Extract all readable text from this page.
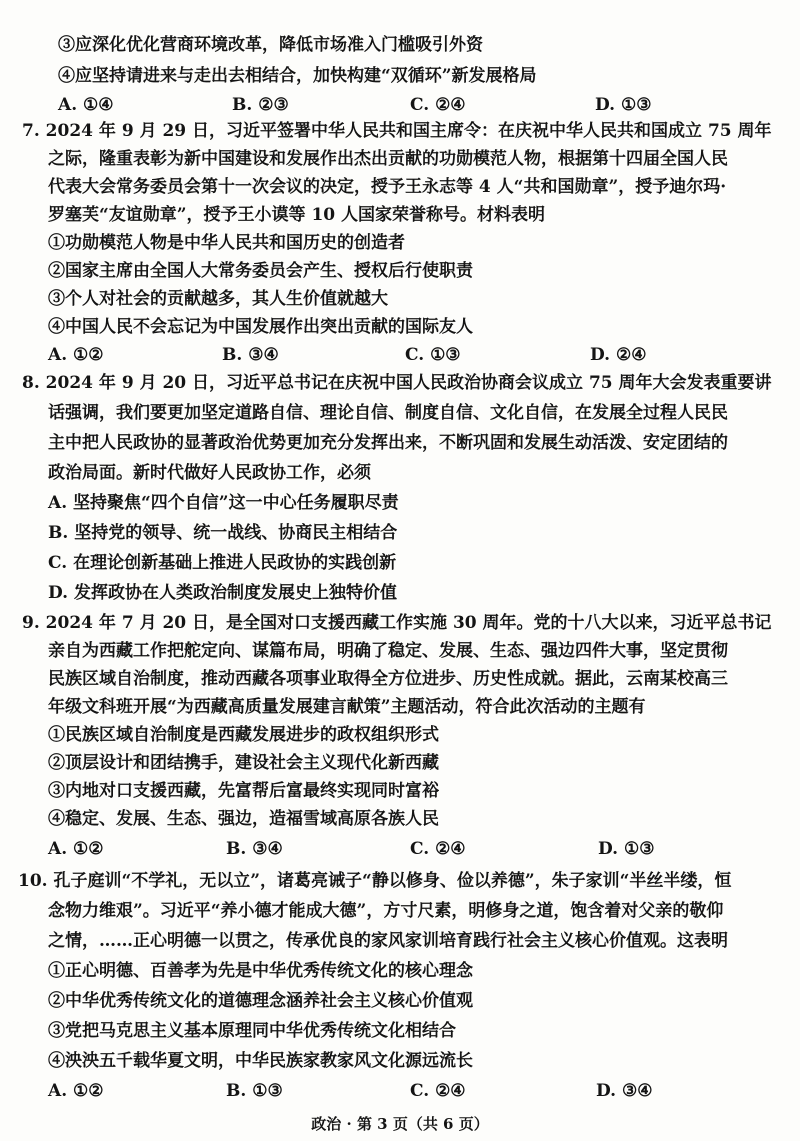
③应深化优化营商环境改革，降低市场准入门槛吸引外资
④应坚持请进来与走出去相结合，加快构建“双循环”新发展格局
A. ①④	B. ②③	C. ②④	D. ①③
7. 2024 年 9 月 29 日，习近平签署中华人民共和国主席令：在庆祝中华人民共和国成立 75 周年
之际，隆重表彰为新中国建设和发展作出杰出贡献的功勋模范人物，根据第十四届全国人民
代表大会常务委员会第十一次会议的决定，授予王永志等 4 人“共和国勋章”，授予迪尔玛·
罗塞芙“友谊勋章”，授予王小谟等 10 人国家荣誉称号。材料表明
①功勋模范人物是中华人民共和国历史的创造者
②国家主席由全国人大常务委员会产生、授权后行使职责
③个人对社会的贡献越多，其人生价值就越大
④中国人民不会忘记为中国发展作出突出贡献的国际友人
A. ①②	B. ③④	C. ①③	D. ②④
8. 2024 年 9 月 20 日，习近平总书记在庆祝中国人民政治协商会议成立 75 周年大会发表重要讲
话强调，我们要更加坚定道路自信、理论自信、制度自信、文化自信，在发展全过程人民民
主中把人民政协的显著政治优势更加充分发挥出来，不断巩固和发展生动活泼、安定团结的
政治局面。新时代做好人民政协工作，必须
A. 坚持聚焦“四个自信”这一中心任务履职尽责
B. 坚持党的领导、统一战线、协商民主相结合
C. 在理论创新基础上推进人民政协的实践创新
D. 发挥政协在人类政治制度发展史上独特价值
9. 2024 年 7 月 20 日，是全国对口支援西藏工作实施 30 周年。党的十八大以来，习近平总书记
亲自为西藏工作把舵定向、谋篇布局，明确了稳定、发展、生态、强边四件大事，坚定贯彻
民族区域自治制度，推动西藏各项事业取得全方位进步、历史性成就。据此，云南某校高三
年级文科班开展“为西藏高质量发展建言献策”主题活动，符合此次活动的主题有
①民族区域自治制度是西藏发展进步的政权组织形式
②顶层设计和团结携手，建设社会主义现代化新西藏
③内地对口支援西藏，先富帮后富最终实现同时富裕
④稳定、发展、生态、强边，造福雪域高原各族人民
A. ①②	B. ③④	C. ②④	D. ①③
10. 孔子庭训“不学礼，无以立”，诸葛亮诫子“静以修身、俭以养德”，朱子家训“半丝半缕，恒
念物力维艰”。习近平“养小德才能成大德”，方寸尺素，明修身之道，饱含着对父亲的敬仰
之情，……正心明德一以贯之，传承优良的家风家训培育践行社会主义核心价值观。这表明
①正心明德、百善孝为先是中华优秀传统文化的核心理念
②中华优秀传统文化的道德理念涵养社会主义核心价值观
③党把马克思主义基本原理同中华优秀传统文化相结合
政治 · 第 3 页（共 6 页）
④泱泱五千载华夏文明，中华民族家教家风文化源远流长
A. ①②	B. ①③	C. ②④	D. ③④
